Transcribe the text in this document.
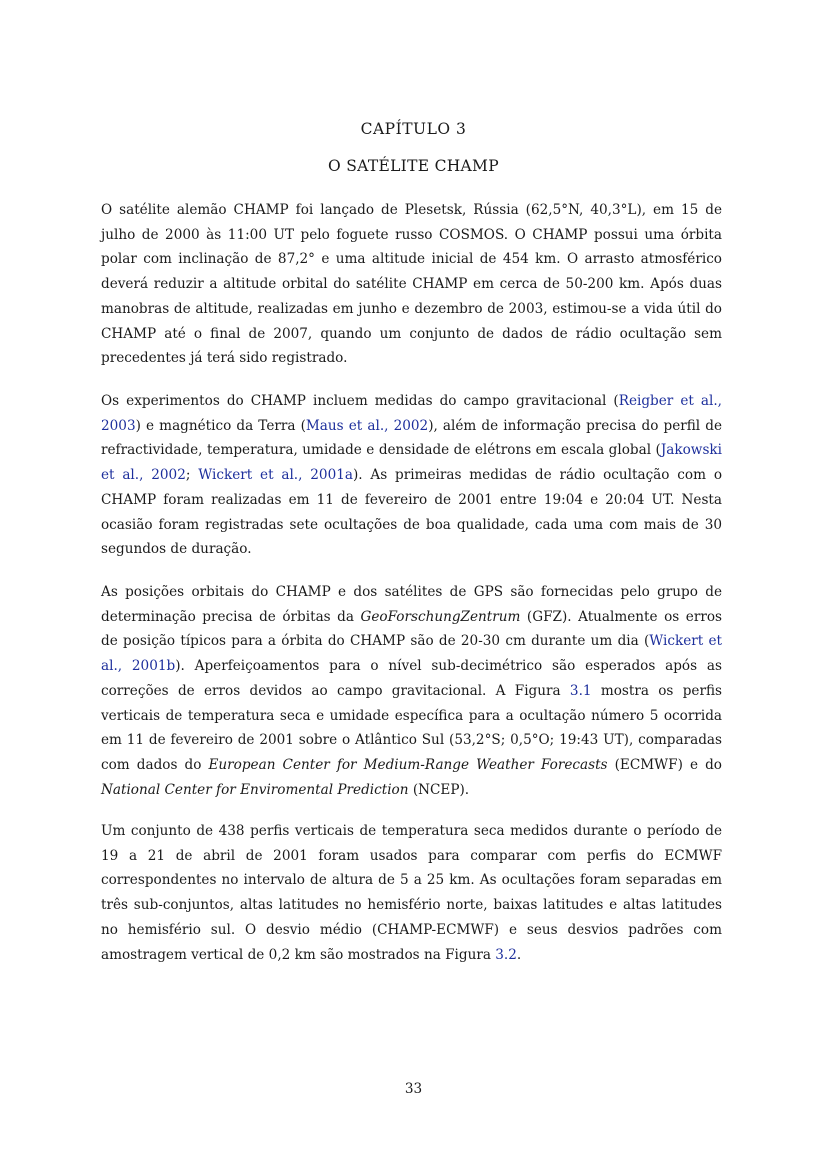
CAPÍTULO 3
O SATÉLITE CHAMP

O satélite alemão CHAMP foi lançado de Plesetsk, Rússia (62,5°N, 40,3°L), em 15 de julho de 2000 às 11:00 UT pelo foguete russo COSMOS. O CHAMP possui uma órbita polar com inclinação de 87,2° e uma altitude inicial de 454 km. O arrasto atmosférico deverá reduzir a altitude orbital do satélite CHAMP em cerca de 50-200 km. Após duas manobras de altitude, realizadas em junho e dezembro de 2003, estimou-se a vida útil do CHAMP até o final de 2007, quando um conjunto de dados de rádio ocultação sem precedentes já terá sido registrado.

Os experimentos do CHAMP incluem medidas do campo gravitacional (Reigber et al., 2003) e magnético da Terra (Maus et al., 2002), além de informação precisa do perfil de refractividade, temperatura, umidade e densidade de elétrons em escala global (Jakowski et al., 2002; Wickert et al., 2001a). As primeiras medidas de rádio ocultação com o CHAMP foram realizadas em 11 de fevereiro de 2001 entre 19:04 e 20:04 UT. Nesta ocasião foram registradas sete ocultações de boa qualidade, cada uma com mais de 30 segundos de duração.

As posições orbitais do CHAMP e dos satélites de GPS são fornecidas pelo grupo de determinação precisa de órbitas da GeoForschungZentrum (GFZ). Atualmente os erros de posição típicos para a órbita do CHAMP são de 20-30 cm durante um dia (Wickert et al., 2001b). Aperfeiçoamentos para o nível sub-decimétrico são esperados após as correções de erros devidos ao campo gravitacional. A Figura 3.1 mostra os perfis verticais de temperatura seca e umidade específica para a ocultação número 5 ocorrida em 11 de fevereiro de 2001 sobre o Atlântico Sul (53,2°S; 0,5°O; 19:43 UT), comparadas com dados do European Center for Medium-Range Weather Forecasts (ECMWF) e do National Center for Enviromental Prediction (NCEP).

Um conjunto de 438 perfis verticais de temperatura seca medidos durante o período de 19 a 21 de abril de 2001 foram usados para comparar com perfis do ECMWF correspondentes no intervalo de altura de 5 a 25 km. As ocultações foram separadas em três sub-conjuntos, altas latitudes no hemisfério norte, baixas latitudes e altas latitudes no hemisfério sul. O desvio médio (CHAMP-ECMWF) e seus desvios padrões com amostragem vertical de 0,2 km são mostrados na Figura 3.2.

33
